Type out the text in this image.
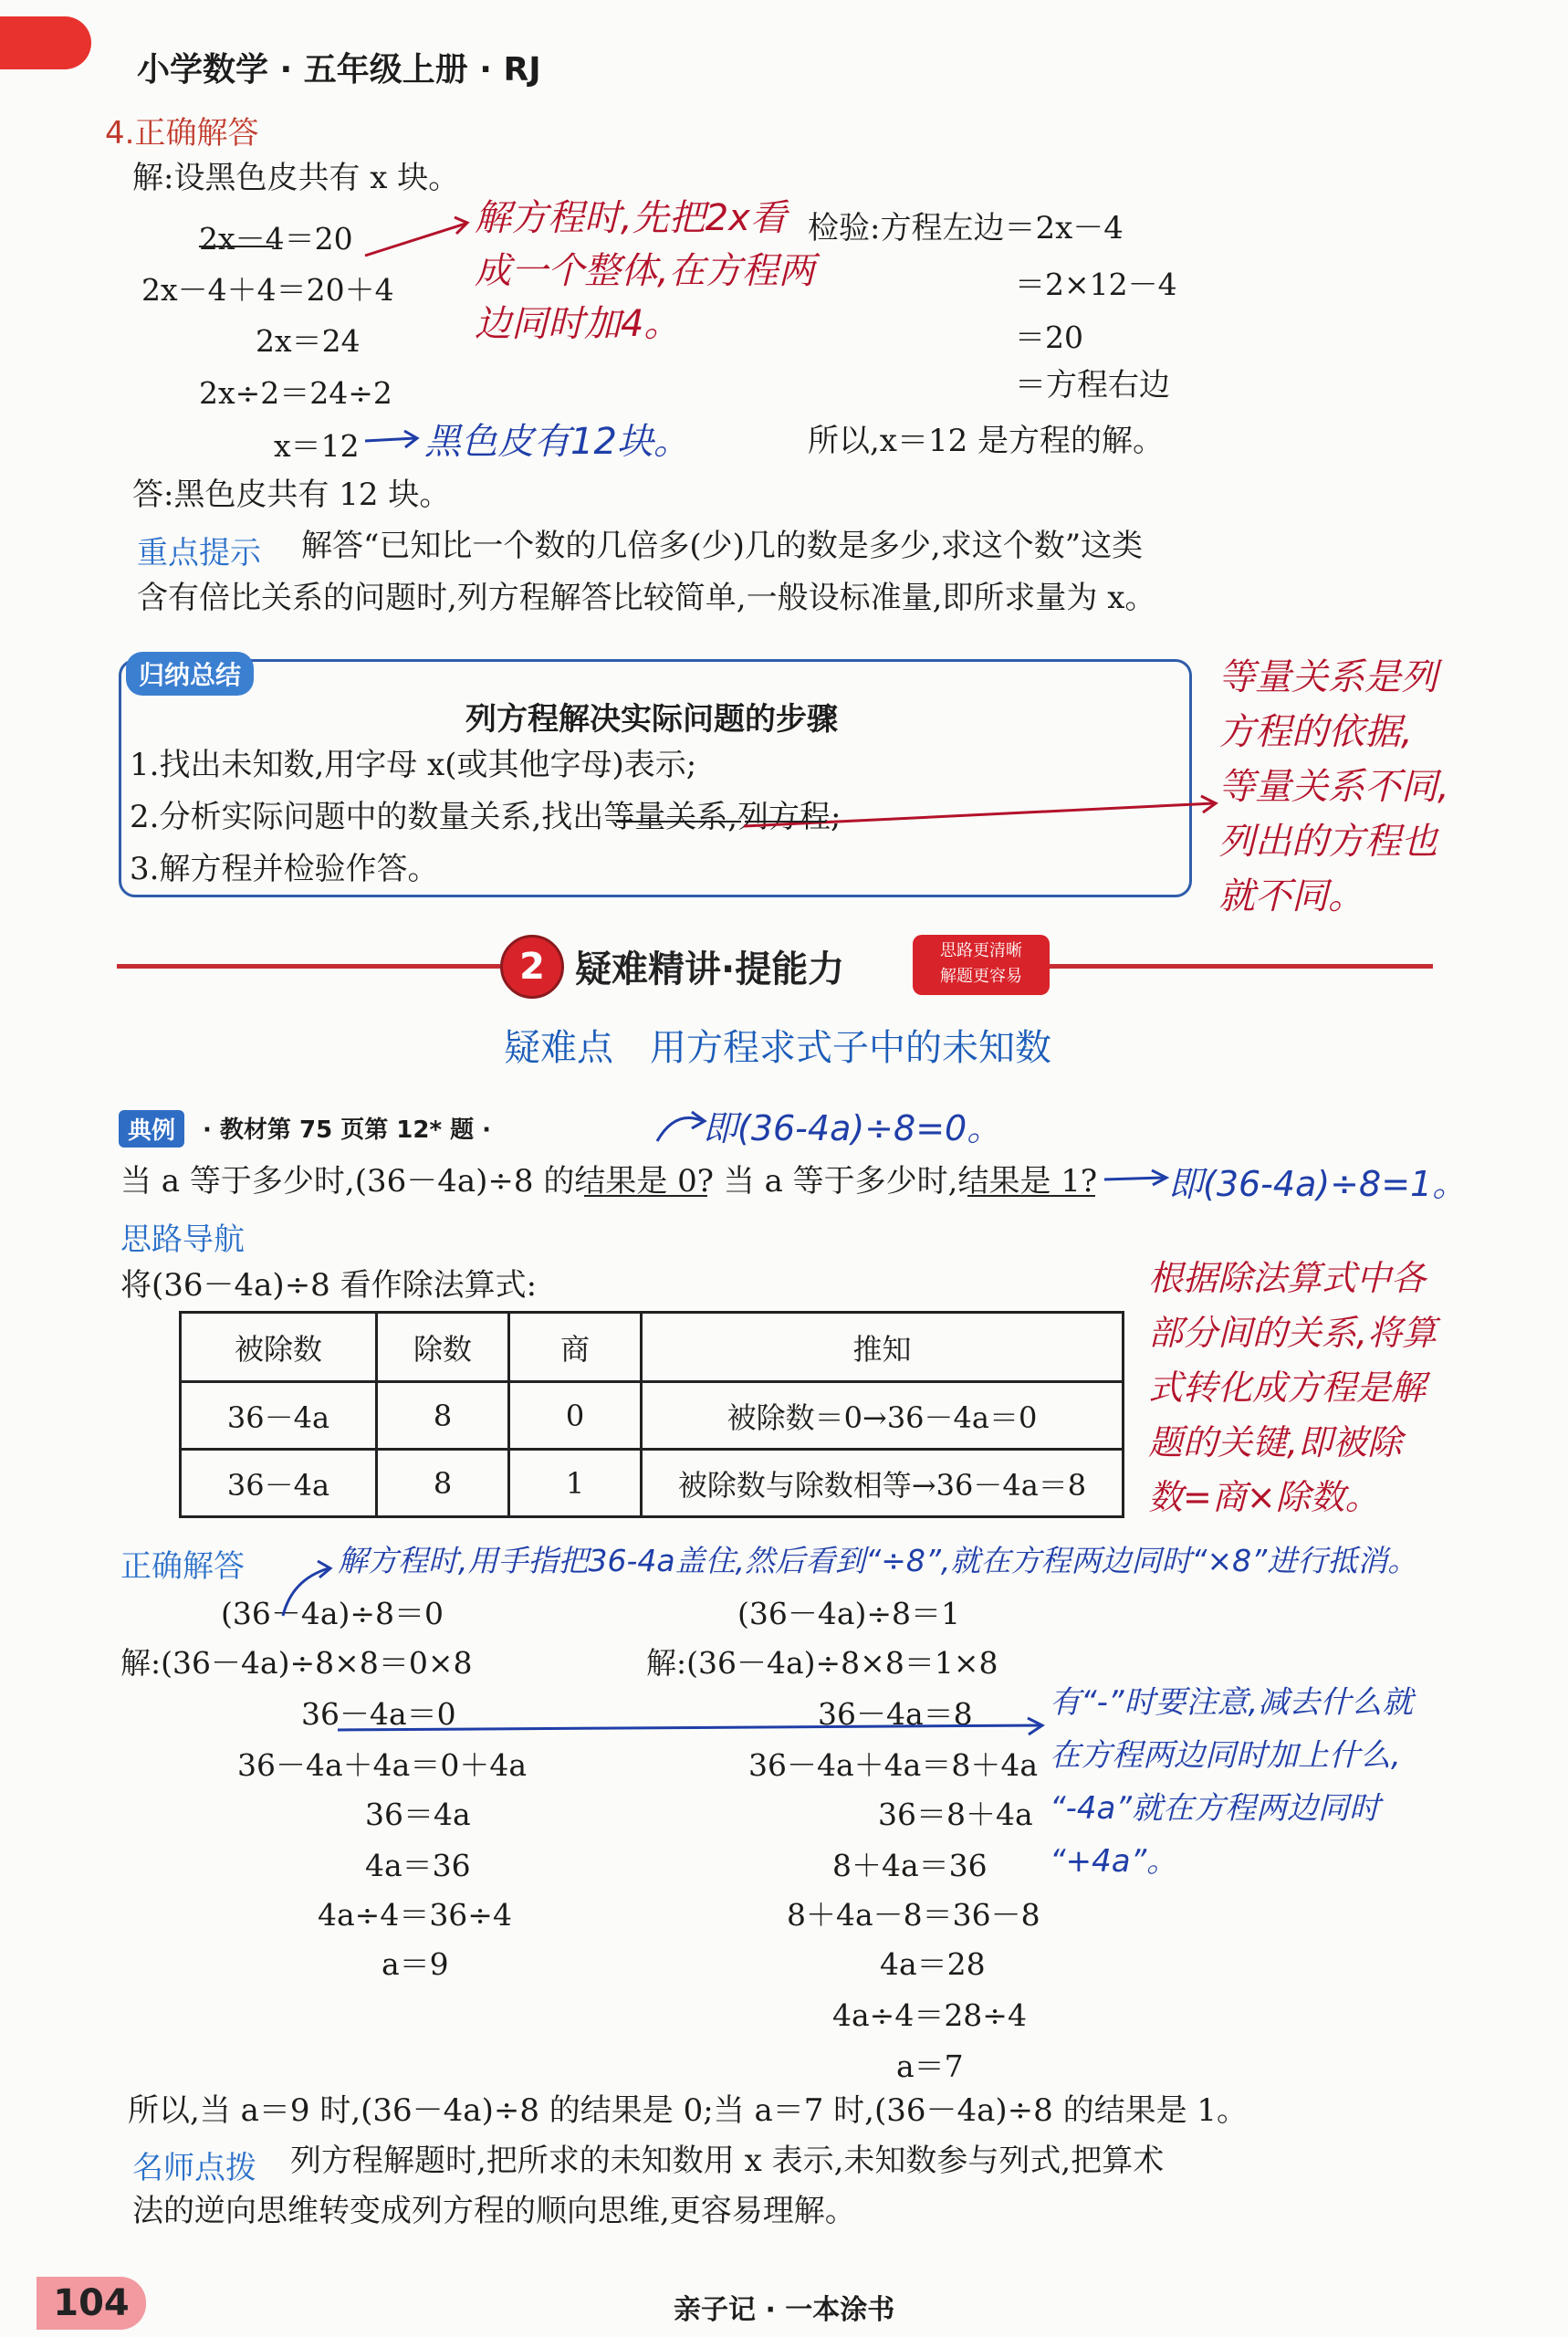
小学数学 · 五年级上册 · RJ
4.正确解答
解:设黑色皮共有 x 块。
2x－4＝20
2x－4＋4＝20＋4
2x＝24
2x÷2＝24÷2
x＝12
检验:方程左边＝2x－4
＝2×12－4
＝20
＝方程右边
所以,x＝12 是方程的解。
答:黑色皮共有 12 块。
重点提示 解答“已知比一个数的几倍多(少)几的数是多少,求这个数”这类
含有倍比关系的问题时,列方程解答比较简单,一般设标准量,即所求量为 x。
归纳总结
列方程解决实际问题的步骤
1.找出未知数,用字母 x(或其他字母)表示;
2.分析实际问题中的数量关系,找出等量关系,列方程;
3.解方程并检验作答。
2 疑难精讲·提能力	思路更清晰
解题更容易
疑难点　用方程求式子中的未知数
典例	· 教材第 75 页第 12* 题 ·
当 a 等于多少时,(36－4a)÷8 的结果是 0? 当 a 等于多少时,结果是 1?
思路导航
将(36－4a)÷8 看作除法算式:
被除数	除数	商	推知
36－4a	8	0	被除数＝0→36－4a＝0
36－4a	8	1	被除数与除数相等→36－4a＝8
正确解答
(36－4a)÷8＝0
解:(36－4a)÷8×8＝0×8
36－4a＝0
36－4a＋4a＝0＋4a
36＝4a
4a＝36
4a÷4＝36÷4
a＝9
(36－4a)÷8＝1
解:(36－4a)÷8×8＝1×8
36－4a＝8
36－4a＋4a＝8＋4a
36＝8＋4a
8＋4a＝36
8＋4a－8＝36－8
4a＝28
4a÷4＝28÷4
a＝7
所以,当 a＝9 时,(36－4a)÷8 的结果是 0;当 a＝7 时,(36－4a)÷8 的结果是 1。
名师点拨 列方程解题时,把所求的未知数用 x 表示,未知数参与列式,把算术
法的逆向思维转变成列方程的顺向思维,更容易理解。
解方程时,先把2x看
成一个整体,在方程两
边同时加4。
黑色皮有12块。
等量关系是列
方程的依据,
等量关系不同,
列出的方程也
就不同。
即(36-4a)÷8=0。
即(36-4a)÷8=1。
根据除法算式中各
部分间的关系,将算
式转化成方程是解
题的关键,即被除
数=商×除数。
解方程时,用手指把36-4a盖住,然后看到“÷8”,就在方程两边同时“×8”进行抵消。
有“-”时要注意,减去什么就
在方程两边同时加上什么,
“-4a”就在方程两边同时
“+4a”。
104	亲子记 · 一本涂书
